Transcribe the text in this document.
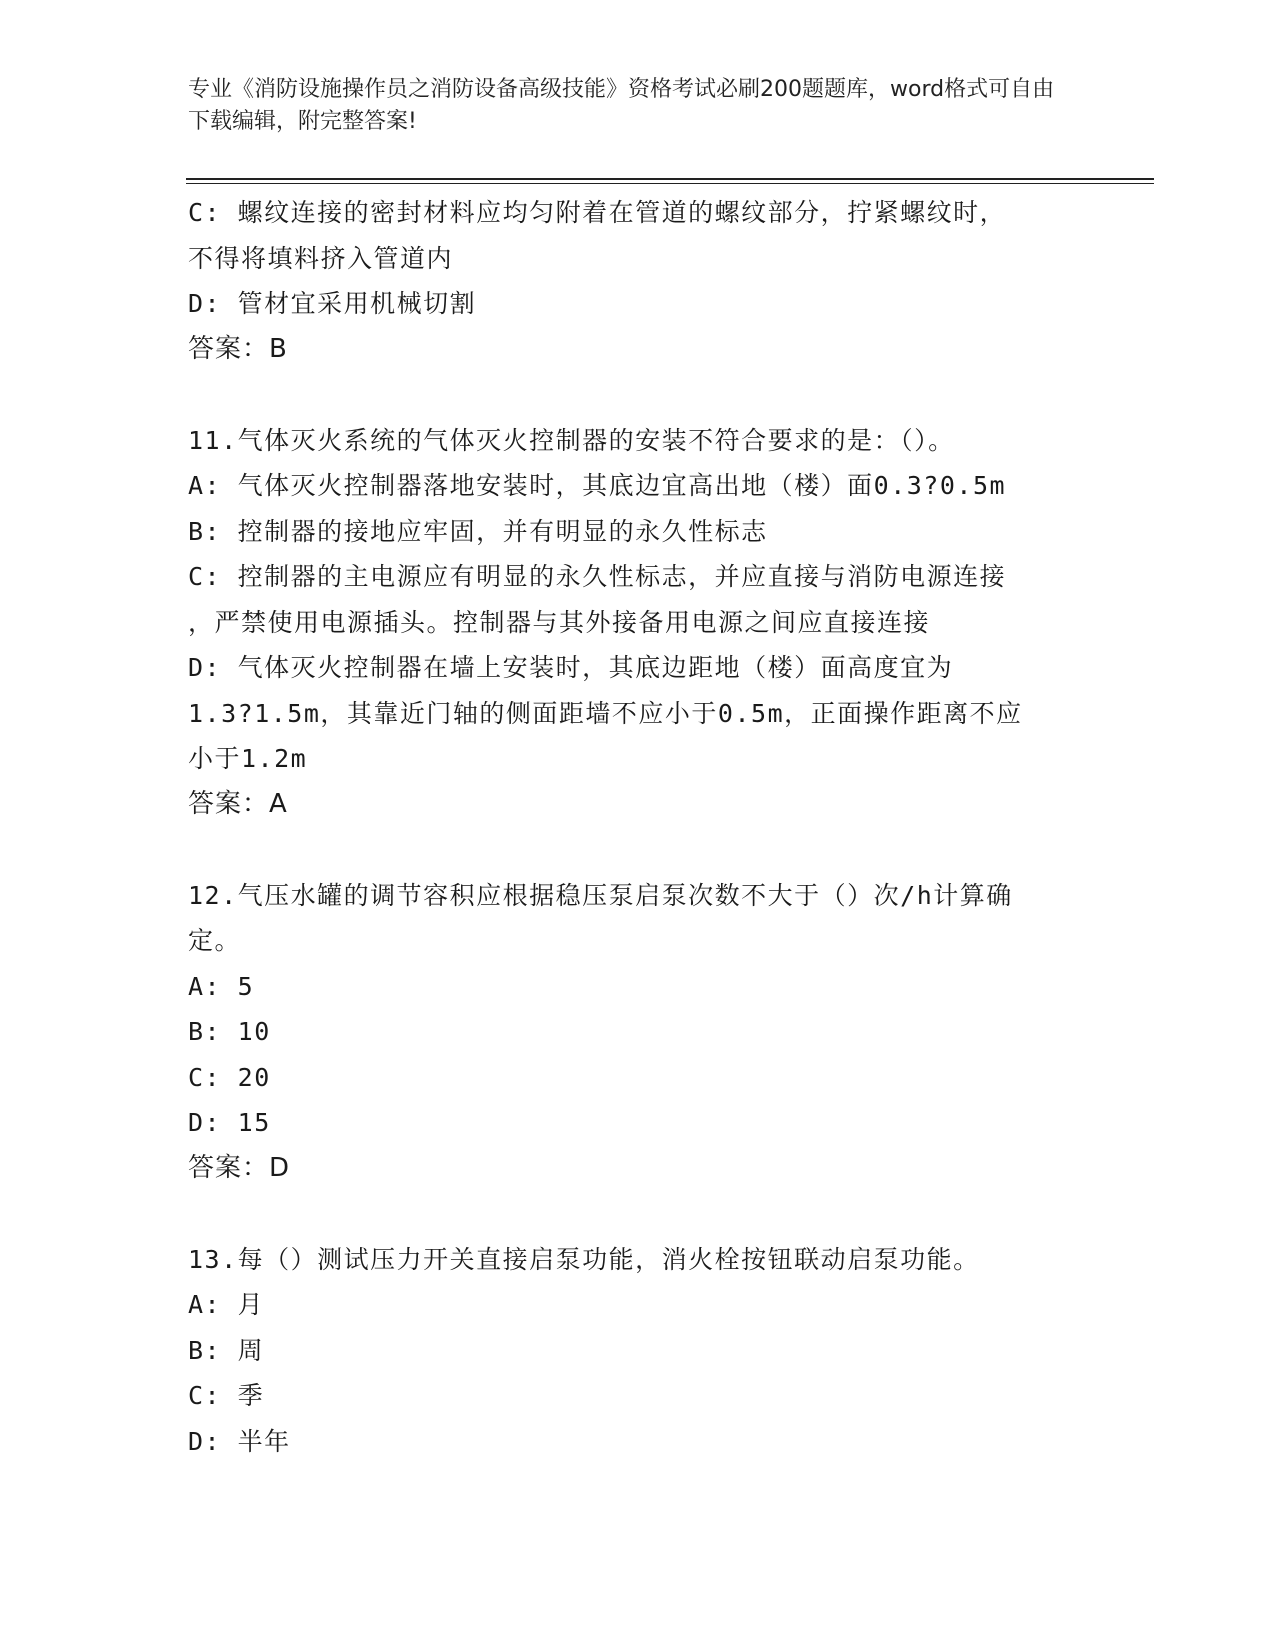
专业《消防设施操作员之消防设备高级技能》资格考试必刷200题题库，word格式可自由下载编辑，附完整答案!
C: 螺纹连接的密封材料应均匀附着在管道的螺纹部分，拧紧螺纹时，
不得将填料挤入管道内
D: 管材宜采用机械切割
答案：B
11.气体灭火系统的气体灭火控制器的安装不符合要求的是：（）。
A: 气体灭火控制器落地安装时，其底边宜高出地（楼）面0.3?0.5m
B: 控制器的接地应牢固，并有明显的永久性标志
C: 控制器的主电源应有明显的永久性标志，并应直接与消防电源连接
，严禁使用电源插头。控制器与其外接备用电源之间应直接连接
D: 气体灭火控制器在墙上安装时，其底边距地（楼）面高度宜为
1.3?1.5m，其靠近门轴的侧面距墙不应小于0.5m，正面操作距离不应
小于1.2m
答案：A
12.气压水罐的调节容积应根据稳压泵启泵次数不大于（）次/h计算确
定。
A: 5
B: 10
C: 20
D: 15
答案：D
13.每（）测试压力开关直接启泵功能，消火栓按钮联动启泵功能。
A: 月
B: 周
C: 季
D: 半年
